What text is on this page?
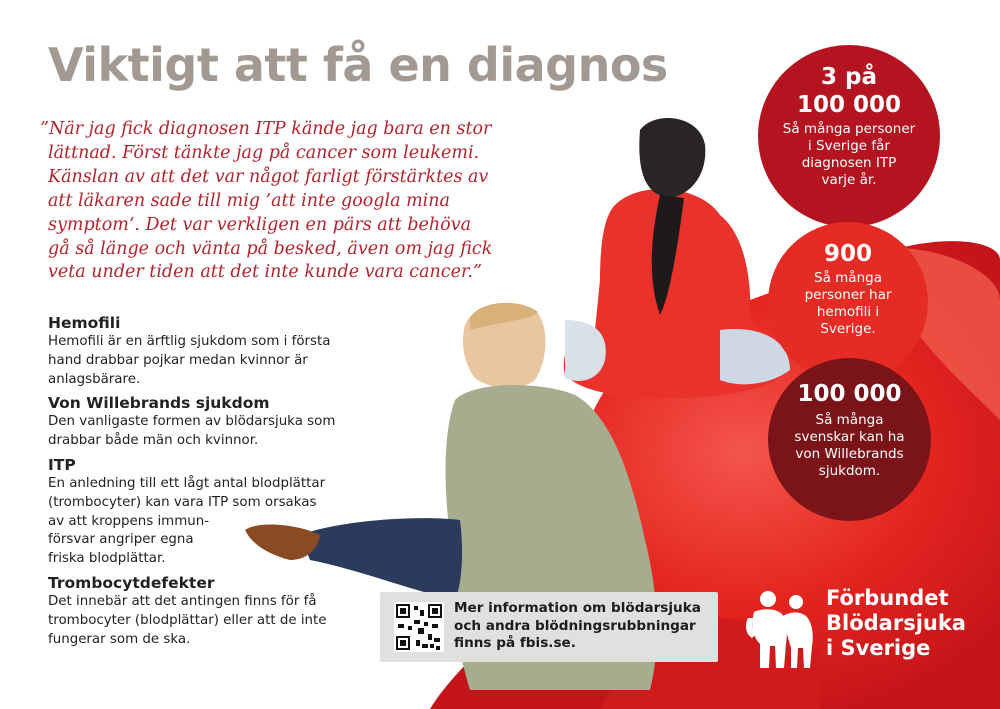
Viktigt att få en diagnos
”När jag fick diagnosen ITP kände jag bara en stor
lättnad. Först tänkte jag på cancer som leukemi.
Känslan av att det var något farligt förstärktes av
att läkaren sade till mig ’att inte googla mina
symptom’. Det var verkligen en pärs att behöva
gå så länge och vänta på besked, även om jag fick
veta under tiden att det inte kunde vara cancer.”
Hemofili
Hemofili är en ärftlig sjukdom som i första
hand drabbar pojkar medan kvinnor är
anlagsbärare.
Von Willebrands sjukdom
Den vanligaste formen av blödarsjuka som
drabbar både män och kvinnor.
ITP
En anledning till ett lågt antal blodplättar
(trombocyter) kan vara ITP som orsakas
av att kroppens immun-
försvar angriper egna
friska blodplättar.
Trombocytdefekter
Det innebär att det antingen finns för få
trombocyter (blodplättar) eller att de inte
fungerar som de ska.
3 på
100 000
Så många personer
i Sverige får
diagnosen ITP
varje år.
900
Så många
personer har
hemofili i
Sverige.
100 000
Så många
svenskar kan ha
von Willebrands
sjukdom.
Mer information om blödarsjuka
och andra blödningsrubbningar
finns på fbis.se.
Förbundet
Blödarsjuka
i Sverige
